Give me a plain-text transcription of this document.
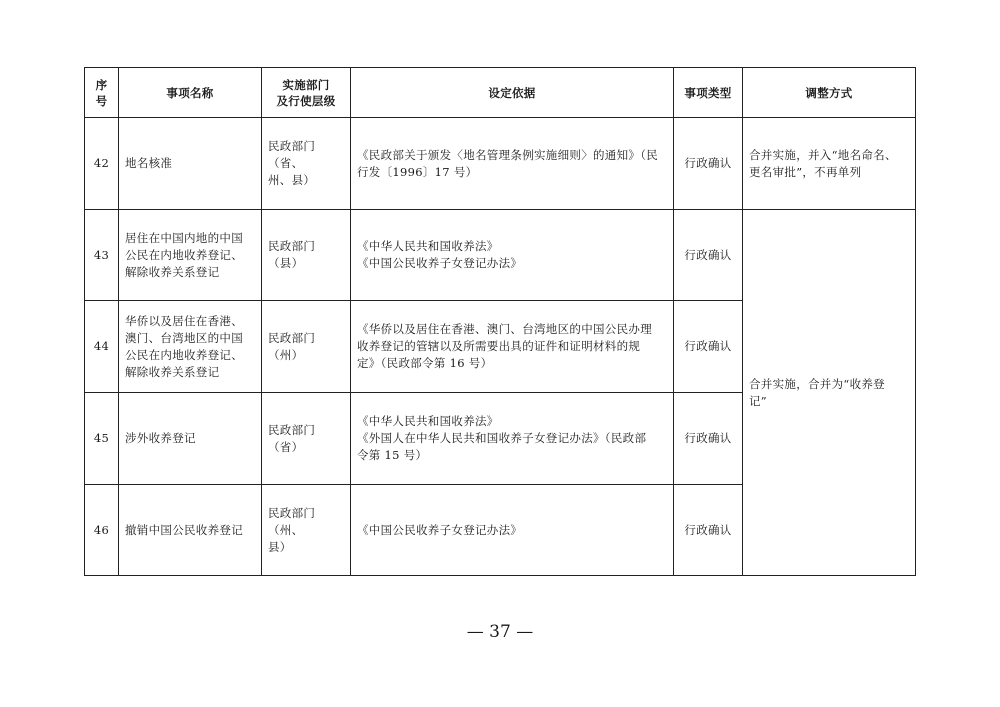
序
号	事项名称	实施部门
及行使层级	设定依据	事项类型	调整方式
42	地名核准	民政部门（省、
州、县）	《民政部关于颁发〈地名管理条例实施细则〉的通知》（民
行发〔1996〕17 号）	行政确认	合并实施，并入“地名命名、
更名审批”，不再单列

43	居住在中国内地的中国
公民在内地收养登记、
解除收养关系登记	民政部门（县）	《中华人民共和国收养法》
《中国公民收养子女登记办法》	行政确认	合并实施，合并为“收养登
记”

44	华侨以及居住在香港、
澳门、台湾地区的中国
公民在内地收养登记、
解除收养关系登记	民政部门（州）	《华侨以及居住在香港、澳门、台湾地区的中国公民办理
收养登记的管辖以及所需要出具的证件和证明材料的规
定》（民政部令第 16 号）	行政确认	
45	涉外收养登记	民政部门（省）	《中华人民共和国收养法》
《外国人在中华人民共和国收养子女登记办法》（民政部
令第 15 号）	行政确认	
46	撤销中国公民收养登记	民政部门（州、
县）	《中国公民收养子女登记办法》	行政确认	
— 37 —
